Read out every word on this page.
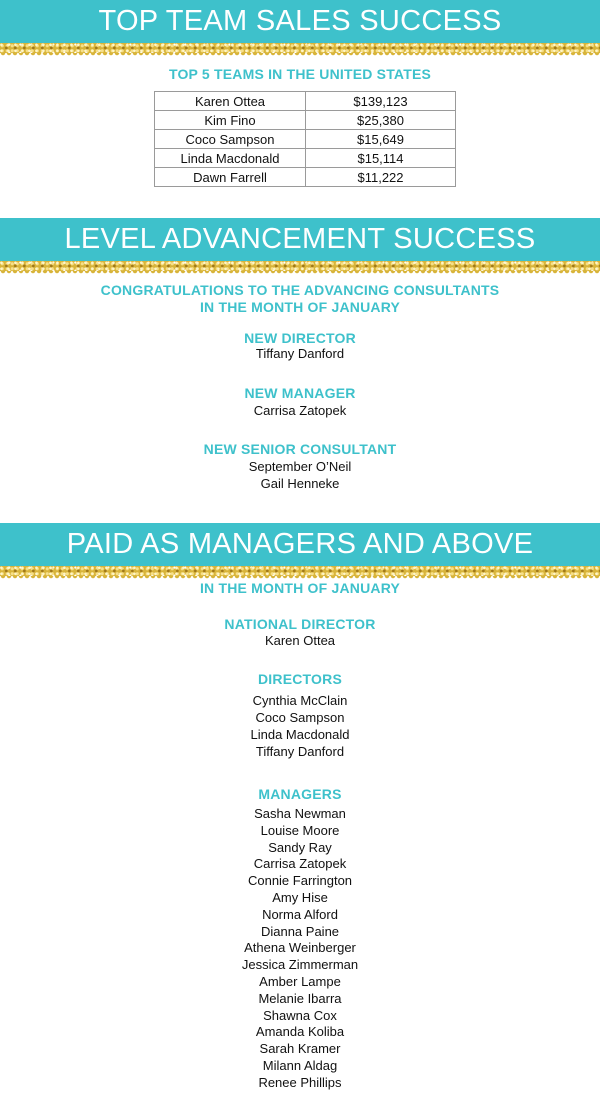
TOP TEAM SALES SUCCESS
TOP 5 TEAMS IN THE UNITED STATES
Karen Ottea	$139,123
Kim Fino	$25,380
Coco Sampson	$15,649
Linda Macdonald	$15,114
Dawn Farrell	$11,222
LEVEL ADVANCEMENT SUCCESS
CONGRATULATIONS TO THE ADVANCING CONSULTANTS
IN THE MONTH OF JANUARY
NEW DIRECTOR
Tiffany Danford
NEW MANAGER
Carrisa Zatopek
NEW SENIOR CONSULTANT
September O’Neil
Gail Henneke
PAID AS MANAGERS AND ABOVE
IN THE MONTH OF JANUARY
NATIONAL DIRECTOR
Karen Ottea
DIRECTORS
Cynthia McClain
Coco Sampson
Linda Macdonald
Tiffany Danford
MANAGERS
Sasha Newman
Louise Moore
Sandy Ray
Carrisa Zatopek
Connie Farrington
Amy Hise
Norma Alford
Dianna Paine
Athena Weinberger
Jessica Zimmerman
Amber Lampe
Melanie Ibarra
Shawna Cox
Amanda Koliba
Sarah Kramer
Milann Aldag
Renee Phillips
